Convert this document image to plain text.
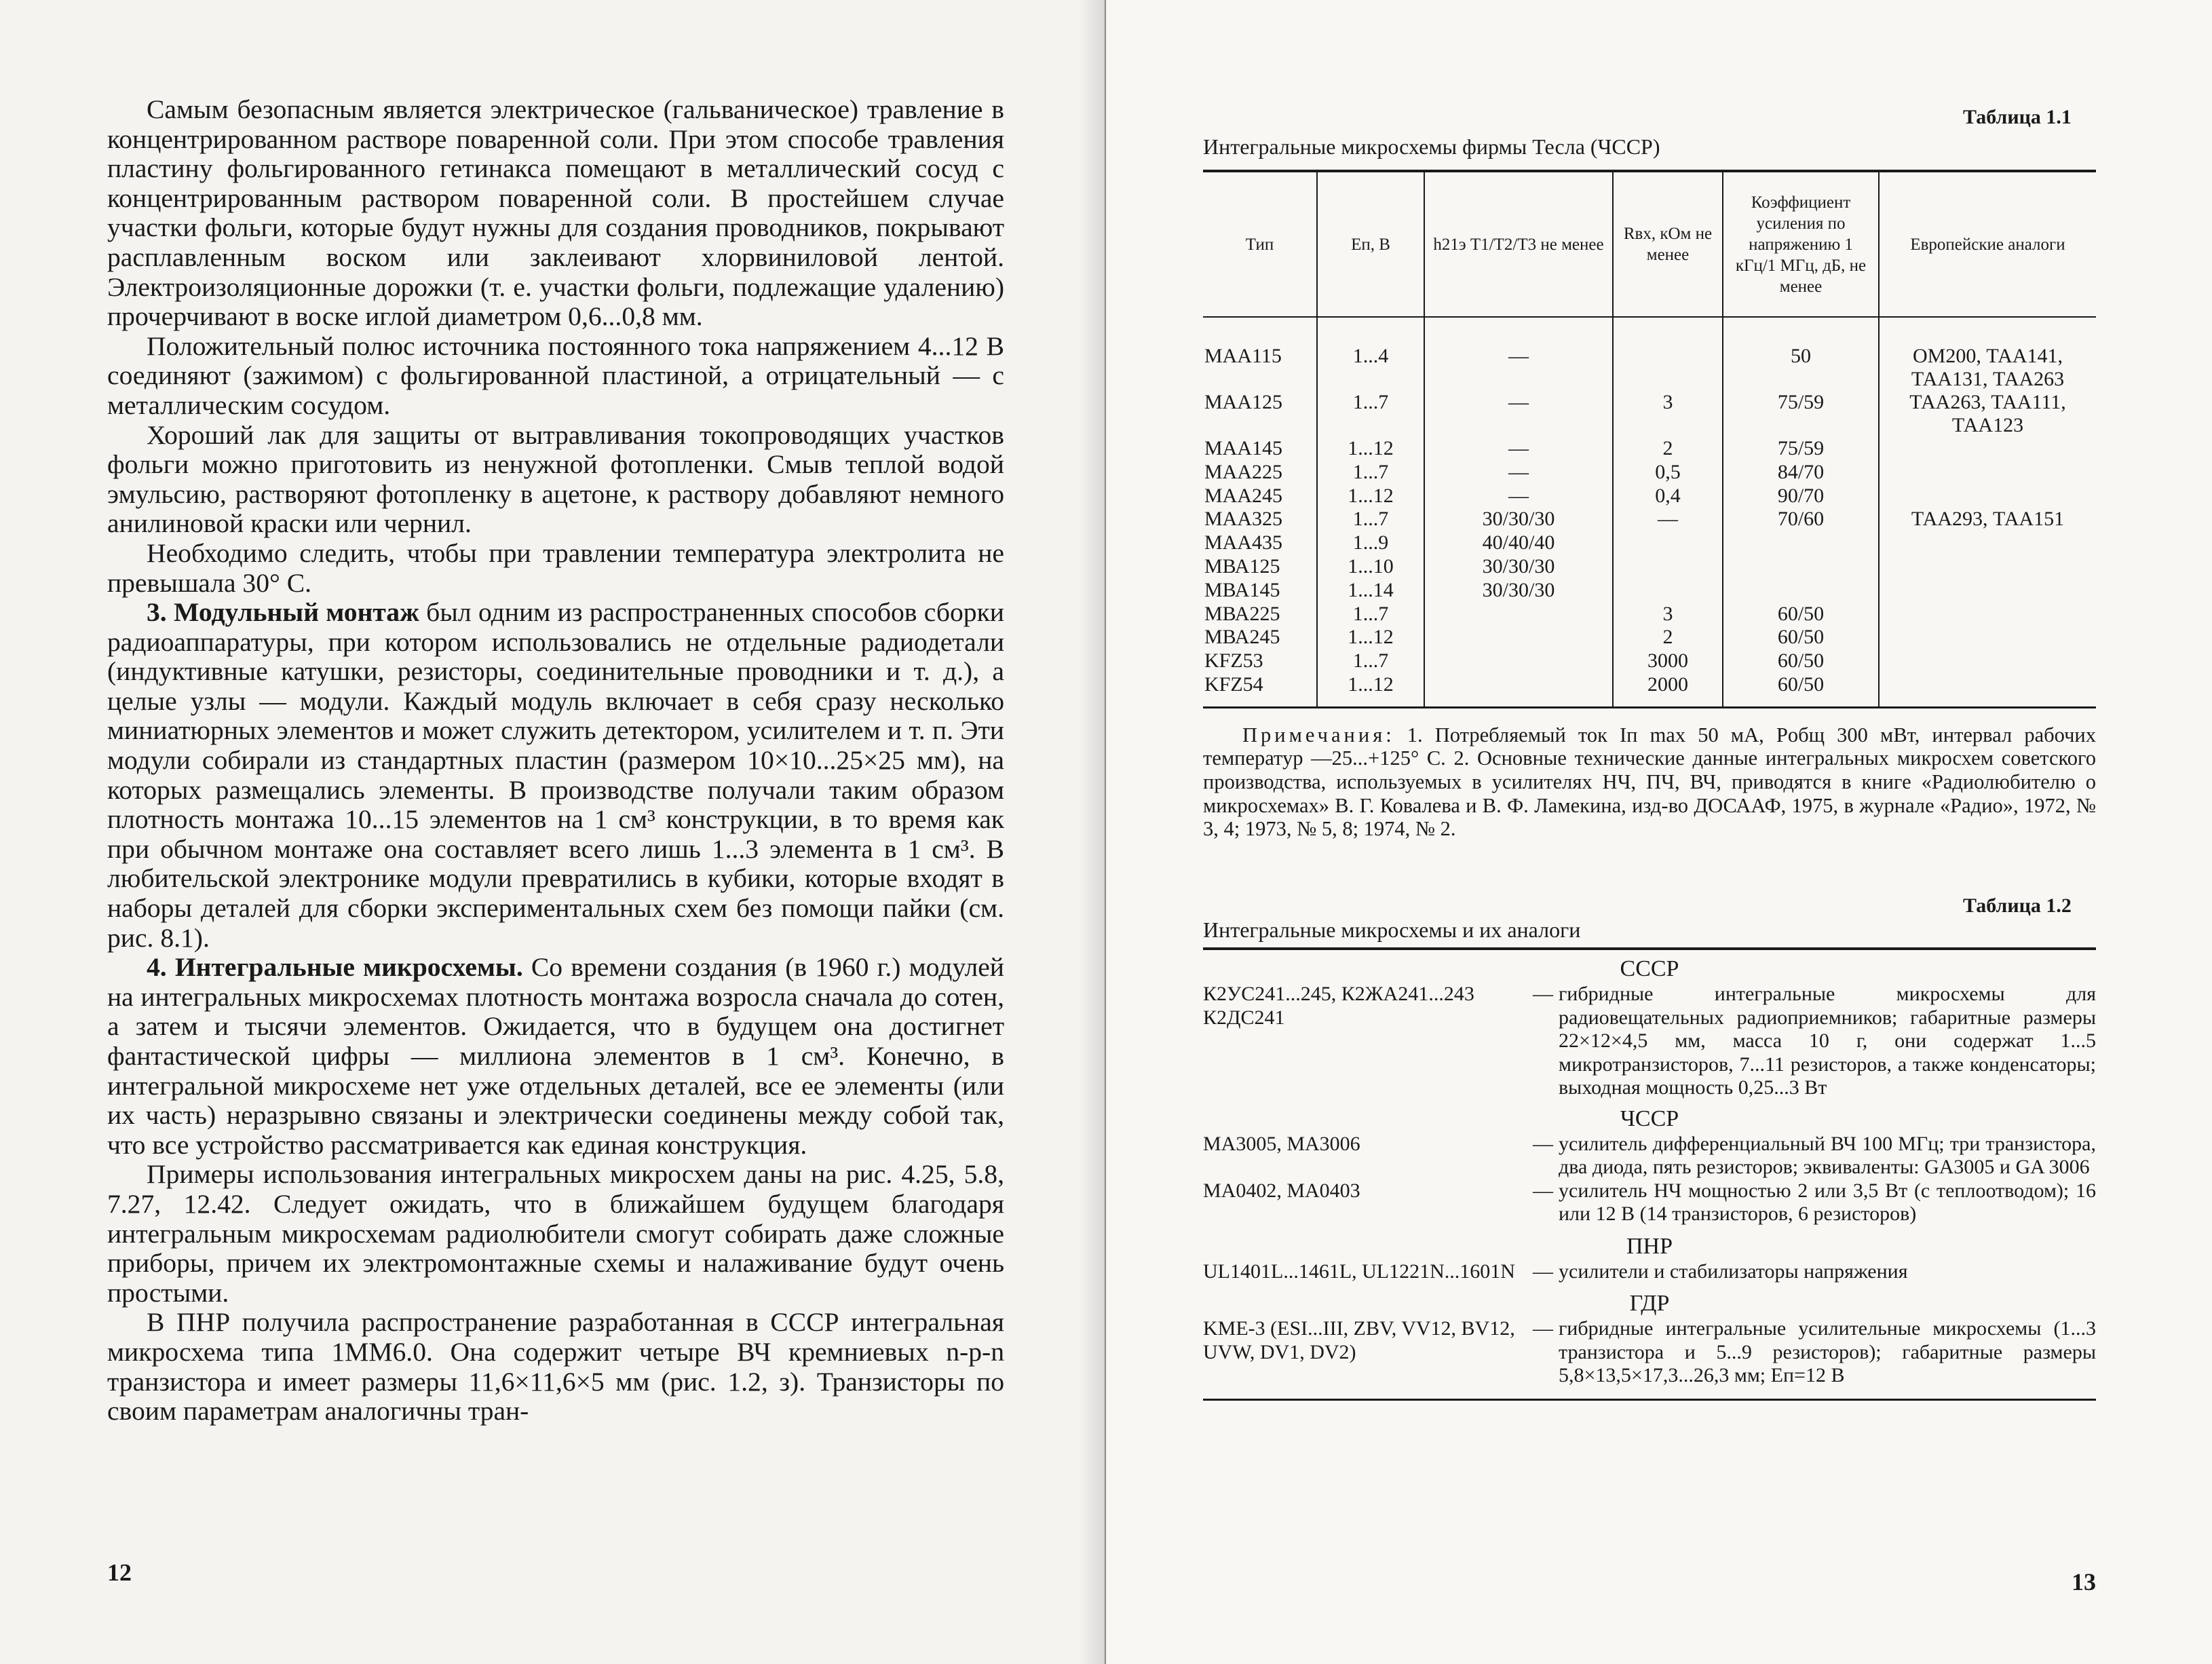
Самым безопасным является электрическое (гальваническое) травление в концентрированном растворе поваренной соли. При этом способе травления пластину фольгированного гетинакса помещают в металлический сосуд с концентрированным раствором поваренной соли. В простейшем случае участки фольги, которые будут нужны для создания проводников, покрывают расплавленным воском или заклеивают хлорвиниловой лентой. Электроизоляционные дорожки (т. е. участки фольги, подлежащие удалению) прочерчивают в воске иглой диаметром 0,6...0,8 мм.

Положительный полюс источника постоянного тока напряжением 4...12 В соединяют (зажимом) с фольгированной пластиной, а отрицательный — с металлическим сосудом.

Хороший лак для защиты от вытравливания токопроводящих участков фольги можно приготовить из ненужной фотопленки. Смыв теплой водой эмульсию, растворяют фотопленку в ацетоне, к раствору добавляют немного анилиновой краски или чернил.

Необходимо следить, чтобы при травлении температура электролита не превышала 30° С.

3. Модульный монтаж был одним из распространенных способов сборки радиоаппаратуры, при котором использовались не отдельные радиодетали (индуктивные катушки, резисторы, соединительные проводники и т. д.), а целые узлы — модули. Каждый модуль включает в себя сразу несколько миниатюрных элементов и может служить детектором, усилителем и т. п. Эти модули собирали из стандартных пластин (размером 10×10...25×25 мм), на которых размещались элементы. В производстве получали таким образом плотность монтажа 10...15 элементов на 1 см³ конструкции, в то время как при обычном монтаже она составляет всего лишь 1...3 элемента в 1 см³. В любительской электронике модули превратились в кубики, которые входят в наборы деталей для сборки экспериментальных схем без помощи пайки (см. рис. 8.1).

4. Интегральные микросхемы. Со времени создания (в 1960 г.) модулей на интегральных микросхемах плотность монтажа возросла сначала до сотен, а затем и тысячи элементов. Ожидается, что в будущем она достигнет фантастической цифры — миллиона элементов в 1 см³. Конечно, в интегральной микросхеме нет уже отдельных деталей, все ее элементы (или их часть) неразрывно связаны и электрически соединены между собой так, что все устройство рассматривается как единая конструкция.

Примеры использования интегральных микросхем даны на рис. 4.25, 5.8, 7.27, 12.42. Следует ожидать, что в ближайшем будущем благодаря интегральным микросхемам радиолюбители смогут собирать даже сложные приборы, причем их электромонтажные схемы и налаживание будут очень простыми.

В ПНР получила распространение разработанная в СССР интегральная микросхема типа 1ММ6.0. Она содержит четыре ВЧ кремниевых n-p-n транзистора и имеет размеры 11,6×11,6×5 мм (рис. 1.2, з). Транзисторы по своим параметрам аналогичны тран-

12
Таблица 1.1
Интегральные микросхемы фирмы Тесла (ЧССР)
Тип	Eп, В	h21э Т1/Т2/Т3 не менее	Rвх, кОм не менее	Коэффициент усиления по напряжению 1 кГц/1 МГц, дБ, не менее	Европейские аналоги
МАА115	1...4	—		50	ОМ200, ТАА141, ТАА131, ТАА263
МАА125	1...7	—	3	75/59	ТАА263, ТАА111, ТАА123
МАА145	1...12	—	2	75/59	
МАА225	1...7	—	0,5	84/70	
МАА245	1...12	—	0,4	90/70	
МАА325	1...7	30/30/30	—	70/60	ТАА293, ТАА151
МАА435	1...9	40/40/40			
МВА125	1...10	30/30/30			
МВА145	1...14	30/30/30			
МВА225	1...7		3	60/50	
МВА245	1...12		2	60/50	
KFZ53	1...7		3000	60/50	
KFZ54	1...12		2000	60/50	

Примечания: 1. Потребляемый ток Iп max 50 мА, Pобщ 300 мВт, интервал рабочих температур —25...+125° С. 2. Основные технические данные интегральных микросхем советского производства, используемых в усилителях НЧ, ПЧ, ВЧ, приводятся в книге «Радиолюбителю о микросхемах» В. Г. Ковалева и В. Ф. Ламекина, изд-во ДОСААФ, 1975, в журнале «Радио», 1972, № 3, 4; 1973, № 5, 8; 1974, № 2.

Таблица 1.2
Интегральные микросхемы и их аналоги

СССР

К2УС241...245, К2ЖА241...243 К2ДС241
— гибридные интегральные микросхемы для радиовещательных радиоприемников; габаритные размеры 22×12×4,5 мм, масса 10 г, они содержат 1...5 микротранзисторов, 7...11 резисторов, а также конденсаторы; выходная мощность 0,25...3 Вт

ЧССР

МА3005, МА3006	— усилитель дифференциальный ВЧ 100 МГц; три транзистора, два диода, пять резисторов; эквиваленты: GA3005 и GA 3006
МА0402, МА0403	— усилитель НЧ мощностью 2 или 3,5 Вт (с теплоотводом); 16 или 12 В (14 транзисторов, 6 резисторов)

ПНР

UL1401L...1461L, UL1221N...1601N — усилители и стабилизаторы напряжения

ГДР

KME-3 (ESI...III, ZBV, VV12, BV12, UVW, DV1, DV2)
— гибридные интегральные усилительные микросхемы (1...3 транзистора и 5...9 резисторов); габаритные размеры 5,8×13,5×17,3...26,3 мм; Eп=12 В
13
